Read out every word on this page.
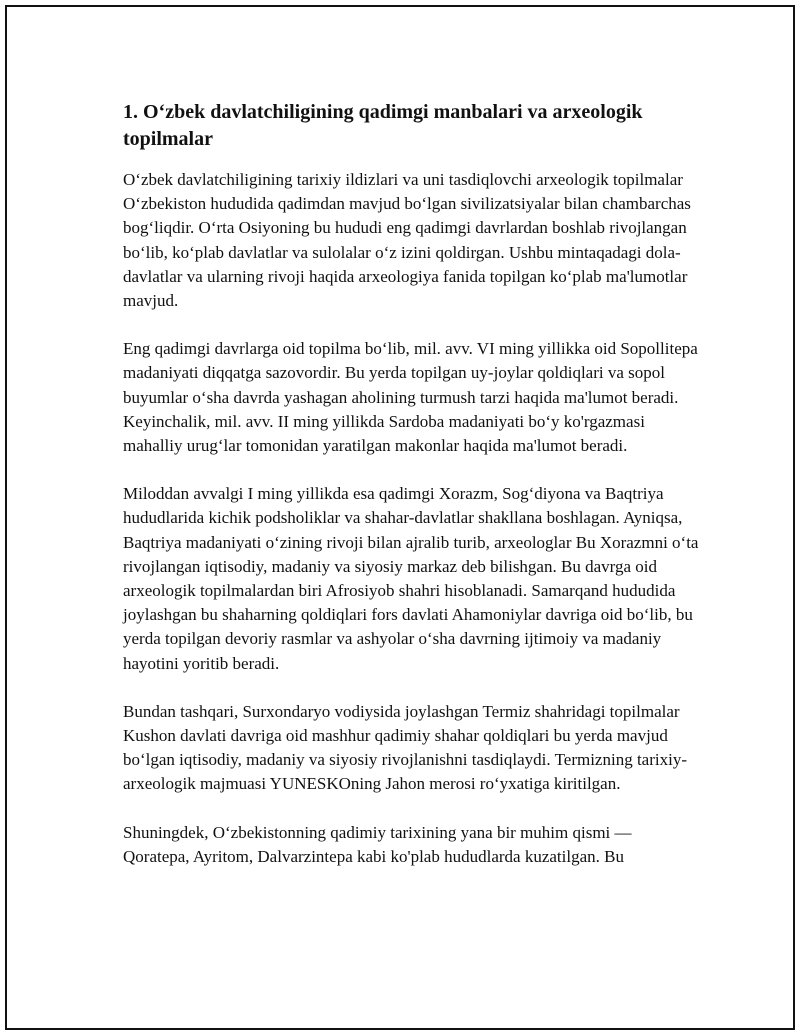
1. O‘zbek davlatchiligining qadimgi manbalari va arxeologik topilmalar

O‘zbek davlatchiligining tarixiy ildizlari va uni tasdiqlovchi arxeologik topilmalar O‘zbekiston hududida qadimdan mavjud bo‘lgan sivilizatsiyalar bilan chambarchas bog‘liqdir. O‘rta Osiyoning bu hududi eng qadimgi davrlardan boshlab rivojlangan bo‘lib, ko‘plab davlatlar va sulolalar o‘z izini qoldirgan. Ushbu mintaqadagi dola-davlatlar va ularning rivoji haqida arxeologiya fanida topilgan ko‘plab ma'lumotlar mavjud.

Eng qadimgi davrlarga oid topilma bo‘lib, mil. avv. VI ming yillikka oid Sopollitepa madaniyati diqqatga sazovordir. Bu yerda topilgan uy-joylar qoldiqlari va sopol buyumlar o‘sha davrda yashagan aholining turmush tarzi haqida ma'lumot beradi. Keyinchalik, mil. avv. II ming yillikda Sardoba madaniyati bo‘y ko'rgazmasi mahalliy urug‘lar tomonidan yaratilgan makonlar haqida ma'lumot beradi.

Miloddan avvalgi I ming yillikda esa qadimgi Xorazm, Sog‘diyona va Baqtriya hududlarida kichik podsholiklar va shahar-davlatlar shakllana boshlagan. Ayniqsa, Baqtriya madaniyati o‘zining rivoji bilan ajralib turib, arxeologlar Bu Xorazmni o‘ta rivojlangan iqtisodiy, madaniy va siyosiy markaz deb bilishgan. Bu davrga oid arxeologik topilmalardan biri Afrosiyob shahri hisoblanadi. Samarqand hududida joylashgan bu shaharning qoldiqlari fors davlati Ahamoniylar davriga oid bo‘lib, bu yerda topilgan devoriy rasmlar va ashyolar o‘sha davrning ijtimoiy va madaniy hayotini yoritib beradi.

Bundan tashqari, Surxondaryo vodiysida joylashgan Termiz shahridagi topilmalar Kushon davlati davriga oid mashhur qadimiy shahar qoldiqlari bu yerda mavjud bo‘lgan iqtisodiy, madaniy va siyosiy rivojlanishni tasdiqlaydi. Termizning tarixiy-arxeologik majmuasi YUNESKOning Jahon merosi ro‘yxatiga kiritilgan.

Shuningdek, O‘zbekistonning qadimiy tarixining yana bir muhim qismi — Qoratepa, Ayritom, Dalvarzintepa kabi ko'plab hududlarda kuzatilgan. Bu
